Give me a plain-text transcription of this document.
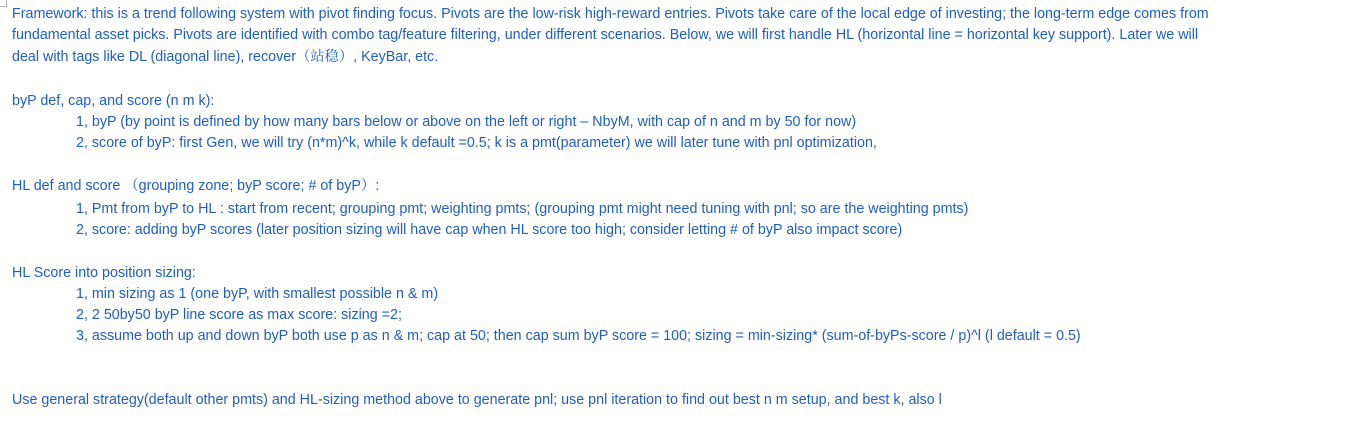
Framework: this is a trend following system with pivot finding focus. Pivots are the low-risk high-reward entries. Pivots take care of the local edge of investing; the long-term edge comes from
fundamental asset picks. Pivots are identified with combo tag/feature filtering, under different scenarios. Below, we will first handle HL (horizontal line = horizontal key support). Later we will
deal with tags like DL (diagonal line), recover（站稳）, KeyBar, etc.
byP def, cap, and score (n m k):
1, byP (by point is defined by how many bars below or above on the left or right – NbyM, with cap of n and m by 50 for now)
2, score of byP: first Gen, we will try (n*m)^k, while k default =0.5; k is a pmt(parameter) we will later tune with pnl optimization,
HL def and score （grouping zone; byP score; # of byP）:
1, Pmt from byP to HL : start from recent; grouping pmt; weighting pmts; (grouping pmt might need tuning with pnl; so are the weighting pmts)
2, score: adding byP scores (later position sizing will have cap when HL score too high; consider letting # of byP also impact score)
HL Score into position sizing:
1, min sizing as 1 (one byP, with smallest possible n & m)
2, 2 50by50 byP line score as max score: sizing =2;
3, assume both up and down byP both use p as n & m; cap at 50; then cap sum byP score = 100; sizing = min-sizing* (sum-of-byPs-score / p)^l (l default = 0.5)
Use general strategy(default other pmts) and HL-sizing method above to generate pnl; use pnl iteration to find out best n m setup, and best k, also l
